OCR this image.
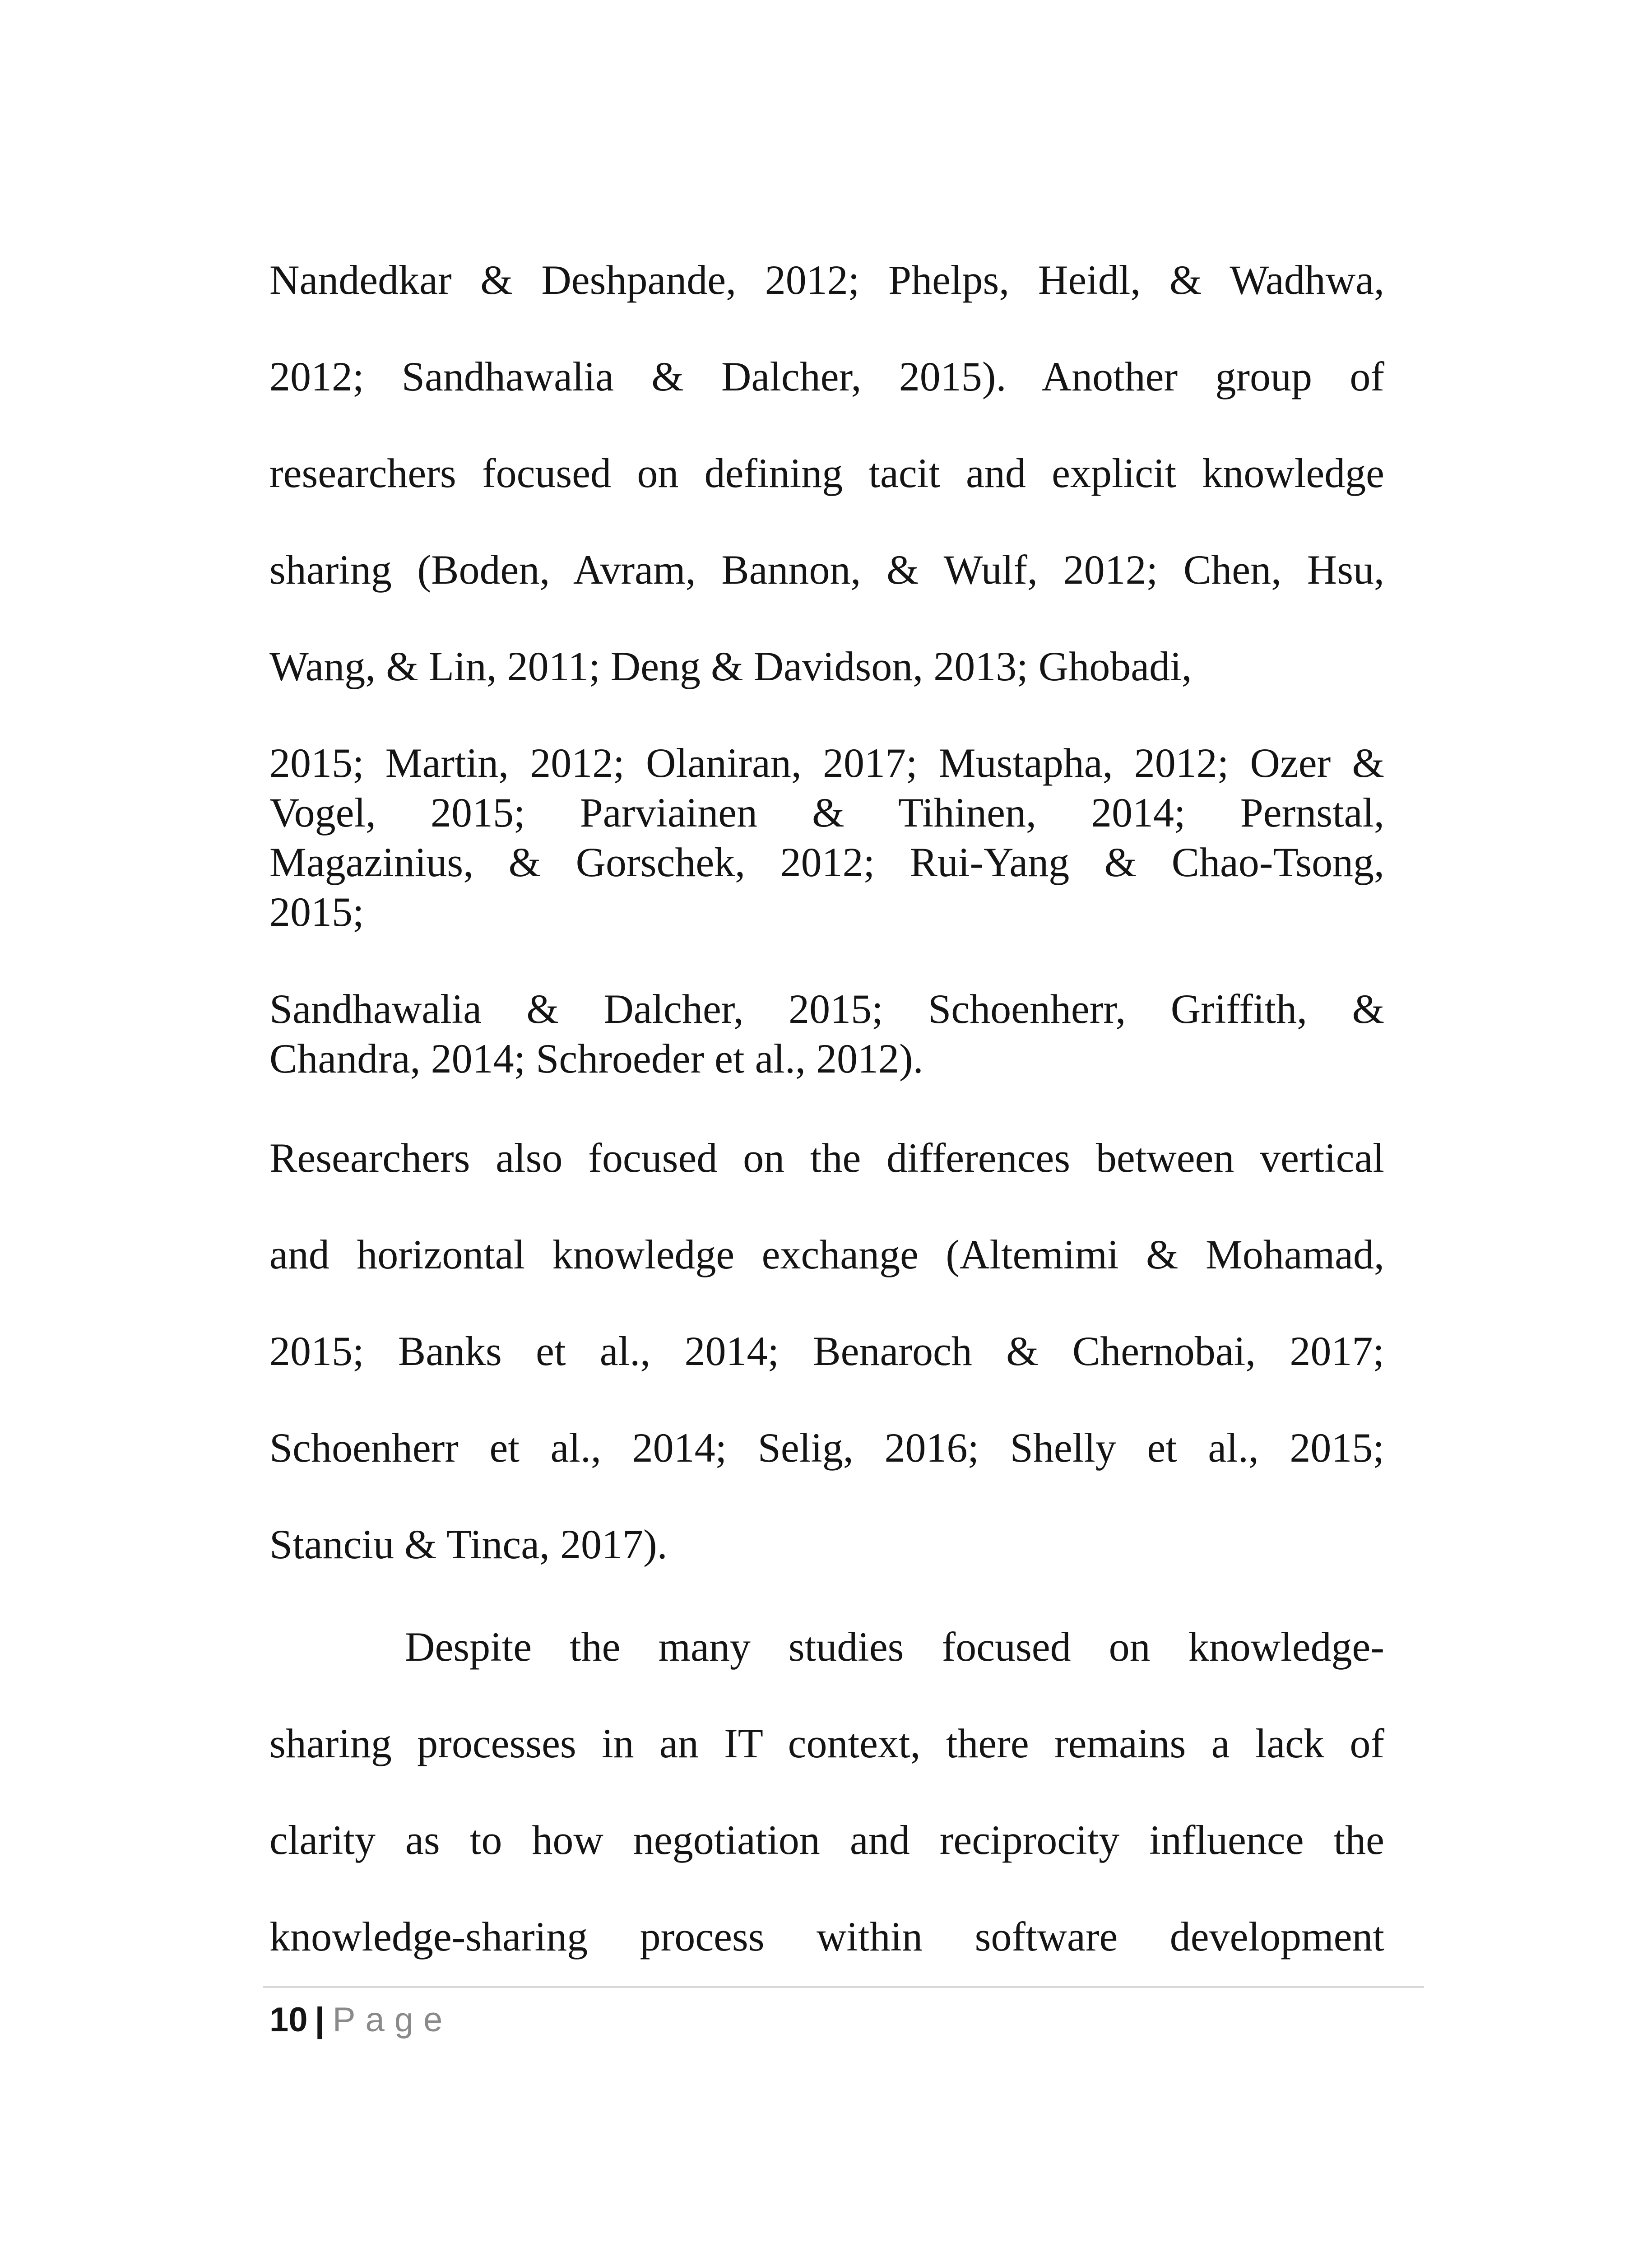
Nandedkar & Deshpande, 2012; Phelps, Heidl, & Wadhwa,
2012; Sandhawalia & Dalcher, 2015). Another group of
researchers focused on defining tacit and explicit knowledge
sharing (Boden, Avram, Bannon, & Wulf, 2012; Chen, Hsu,
Wang, & Lin, 2011; Deng & Davidson, 2013; Ghobadi,
2015; Martin, 2012; Olaniran, 2017; Mustapha, 2012; Ozer &
Vogel, 2015; Parviainen & Tihinen, 2014; Pernstal,
Magazinius, & Gorschek, 2012; Rui-Yang & Chao-Tsong,
2015;
Sandhawalia & Dalcher, 2015; Schoenherr, Griffith, &
Chandra, 2014; Schroeder et al., 2012).
Researchers also focused on the differences between vertical
and horizontal knowledge exchange (Altemimi & Mohamad,
2015; Banks et al., 2014; Benaroch & Chernobai, 2017;
Schoenherr et al., 2014; Selig, 2016; Shelly et al., 2015;
Stanciu & Tinca, 2017).
Despite the many studies focused on knowledge-
sharing processes in an IT context, there remains a lack of
clarity as to how negotiation and reciprocity influence the
knowledge-sharing process within software development
10 | Page
